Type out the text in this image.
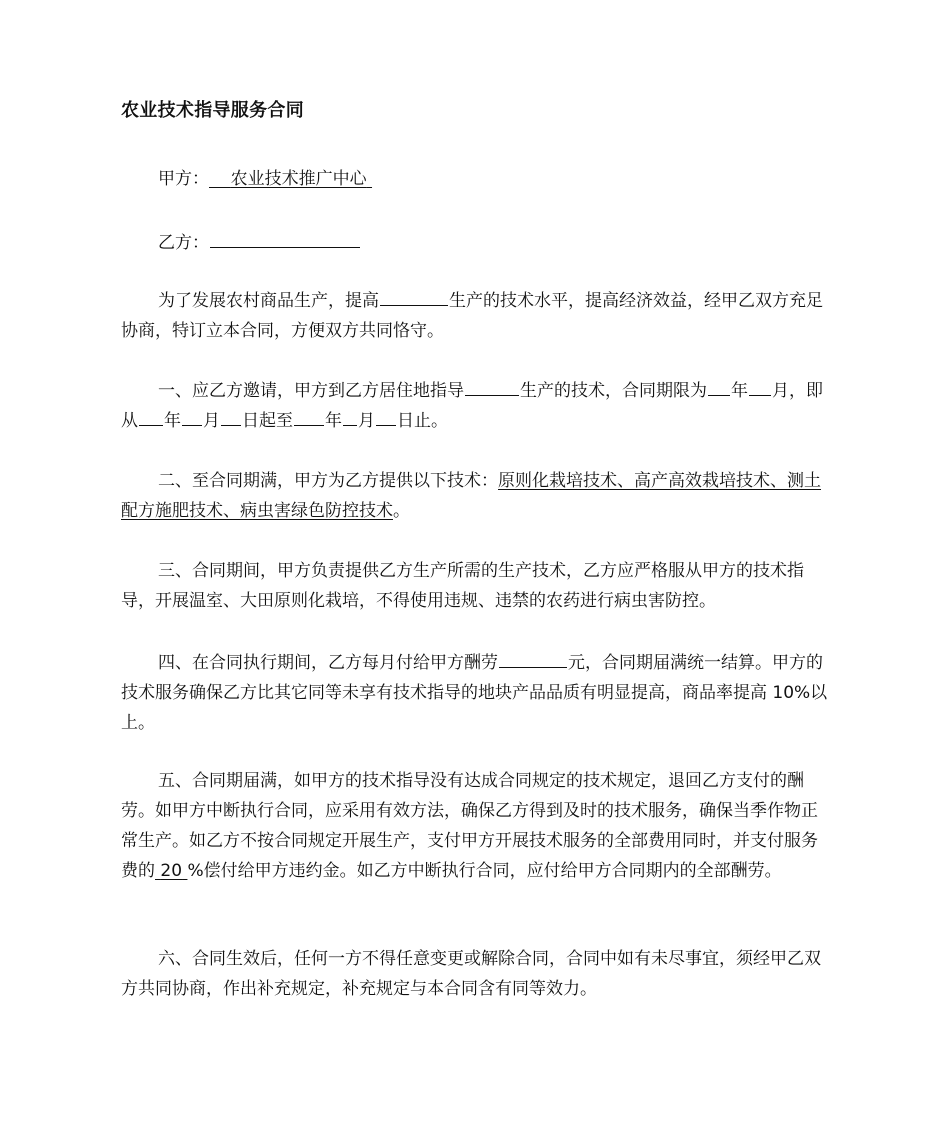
农业技术指导服务合同
甲方： 农业技术推广中心
乙方：

为了发展农村商品生产，提高	生产的技术水平，提高经济效益，经甲乙双方充足协商，特订立本合同，方便双方共同恪守。

一、应乙方邀请，甲方到乙方居住地指导	生产的技术，合同期限为 年 月，即从 年 月 日起至 年 月 日止。

二、至合同期满，甲方为乙方提供以下技术：原则化栽培技术、高产高效栽培技术、测土配方施肥技术、病虫害绿色防控技术。

三、合同期间，甲方负责提供乙方生产所需的生产技术，乙方应严格服从甲方的技术指导，开展温室、大田原则化栽培，不得使用违规、违禁的农药进行病虫害防控。

四、在合同执行期间，乙方每月付给甲方酬劳	元，合同期届满统一结算。甲方的技术服务确保乙方比其它同等未享有技术指导的地块产品品质有明显提高，商品率提高 10%以上。

五、合同期届满，如甲方的技术指导没有达成合同规定的技术规定，退回乙方支付的酬劳。如甲方中断执行合同，应采用有效方法，确保乙方得到及时的技术服务，确保当季作物正常生产。如乙方不按合同规定开展生产，支付甲方开展技术服务的全部费用同时，并支付服务费的 20 %偿付给甲方违约金。如乙方中断执行合同，应付给甲方合同期内的全部酬劳。

六、合同生效后，任何一方不得任意变更或解除合同，合同中如有未尽事宜，须经甲乙双方共同协商，作出补充规定，补充规定与本合同含有同等效力。
